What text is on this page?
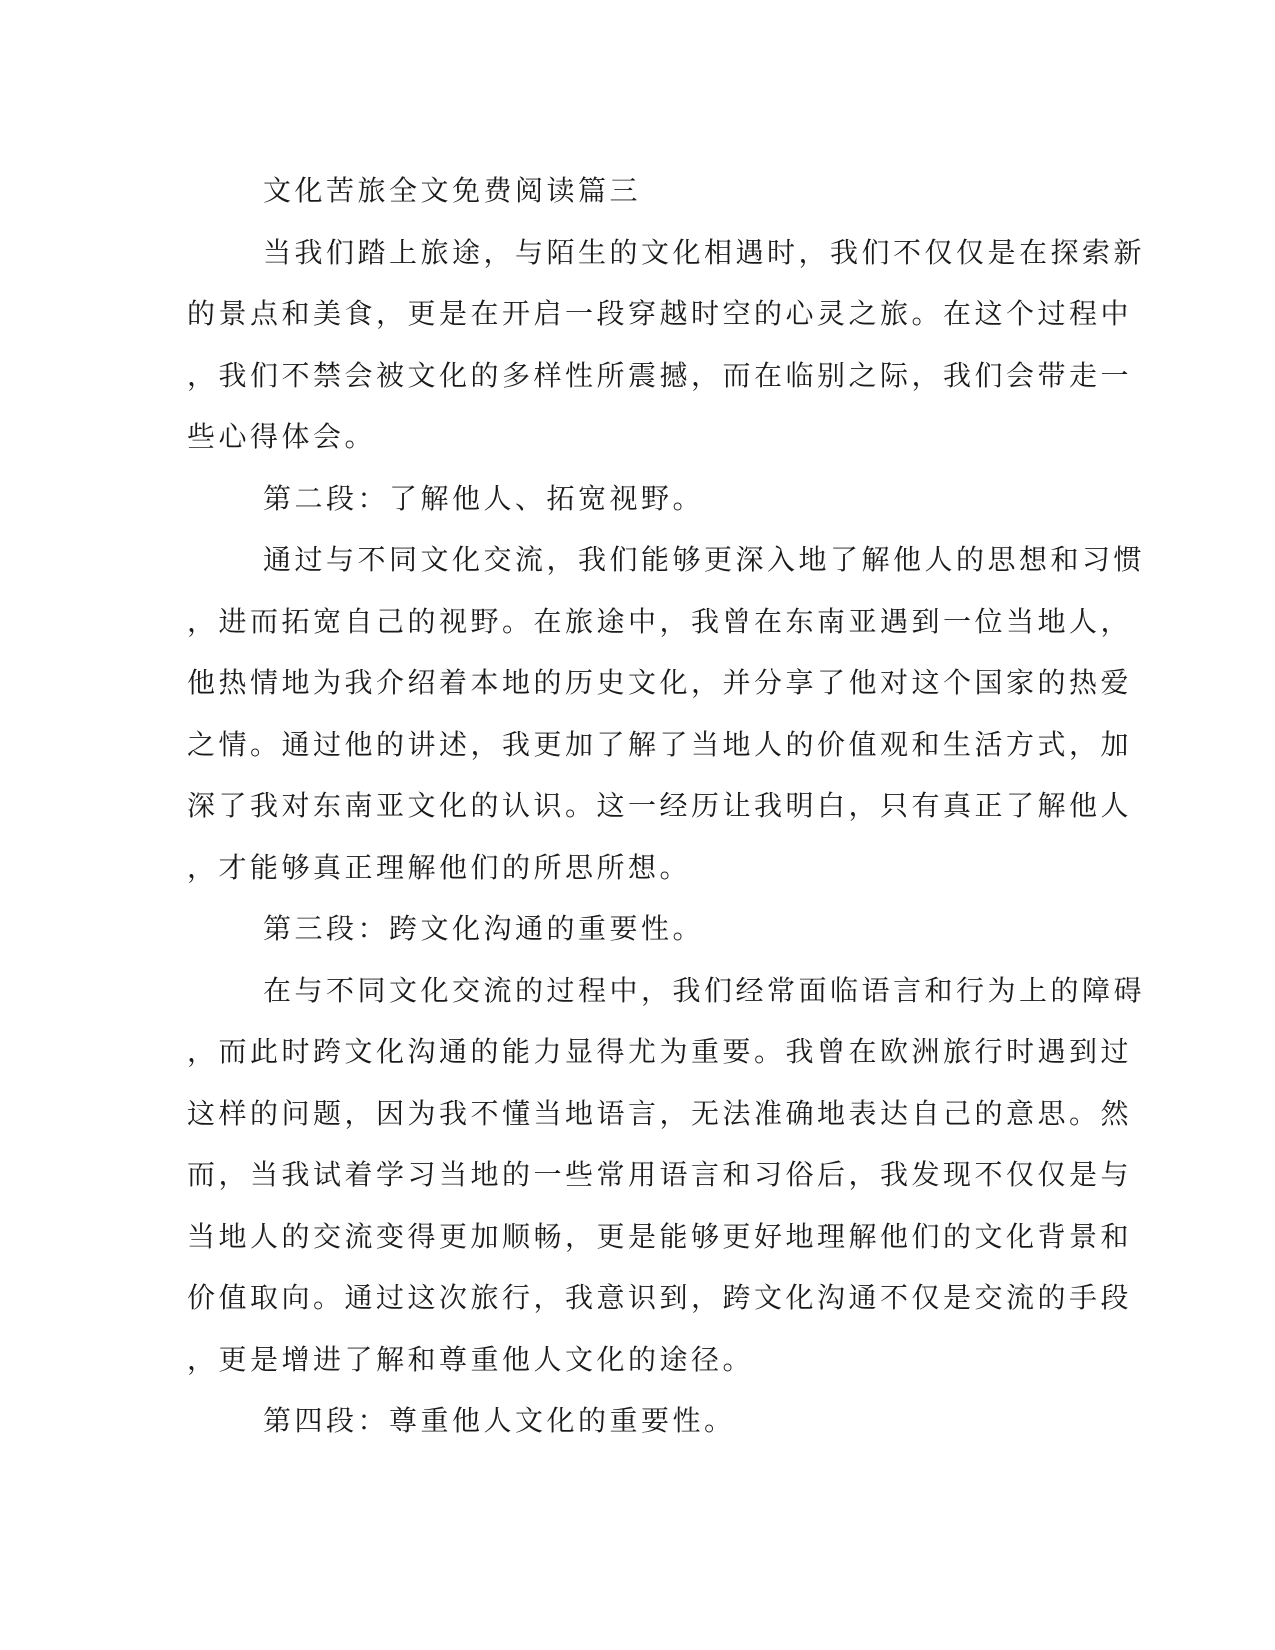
文化苦旅全文免费阅读篇三
当我们踏上旅途，与陌生的文化相遇时，我们不仅仅是在探索新
的景点和美食，更是在开启一段穿越时空的心灵之旅。在这个过程中
，我们不禁会被文化的多样性所震撼，而在临别之际，我们会带走一
些心得体会。
第二段：了解他人、拓宽视野。
通过与不同文化交流，我们能够更深入地了解他人的思想和习惯
，进而拓宽自己的视野。在旅途中，我曾在东南亚遇到一位当地人，
他热情地为我介绍着本地的历史文化，并分享了他对这个国家的热爱
之情。通过他的讲述，我更加了解了当地人的价值观和生活方式，加
深了我对东南亚文化的认识。这一经历让我明白，只有真正了解他人
，才能够真正理解他们的所思所想。
第三段：跨文化沟通的重要性。
在与不同文化交流的过程中，我们经常面临语言和行为上的障碍
，而此时跨文化沟通的能力显得尤为重要。我曾在欧洲旅行时遇到过
这样的问题，因为我不懂当地语言，无法准确地表达自己的意思。然
而，当我试着学习当地的一些常用语言和习俗后，我发现不仅仅是与
当地人的交流变得更加顺畅，更是能够更好地理解他们的文化背景和
价值取向。通过这次旅行，我意识到，跨文化沟通不仅是交流的手段
，更是增进了解和尊重他人文化的途径。
第四段：尊重他人文化的重要性。
